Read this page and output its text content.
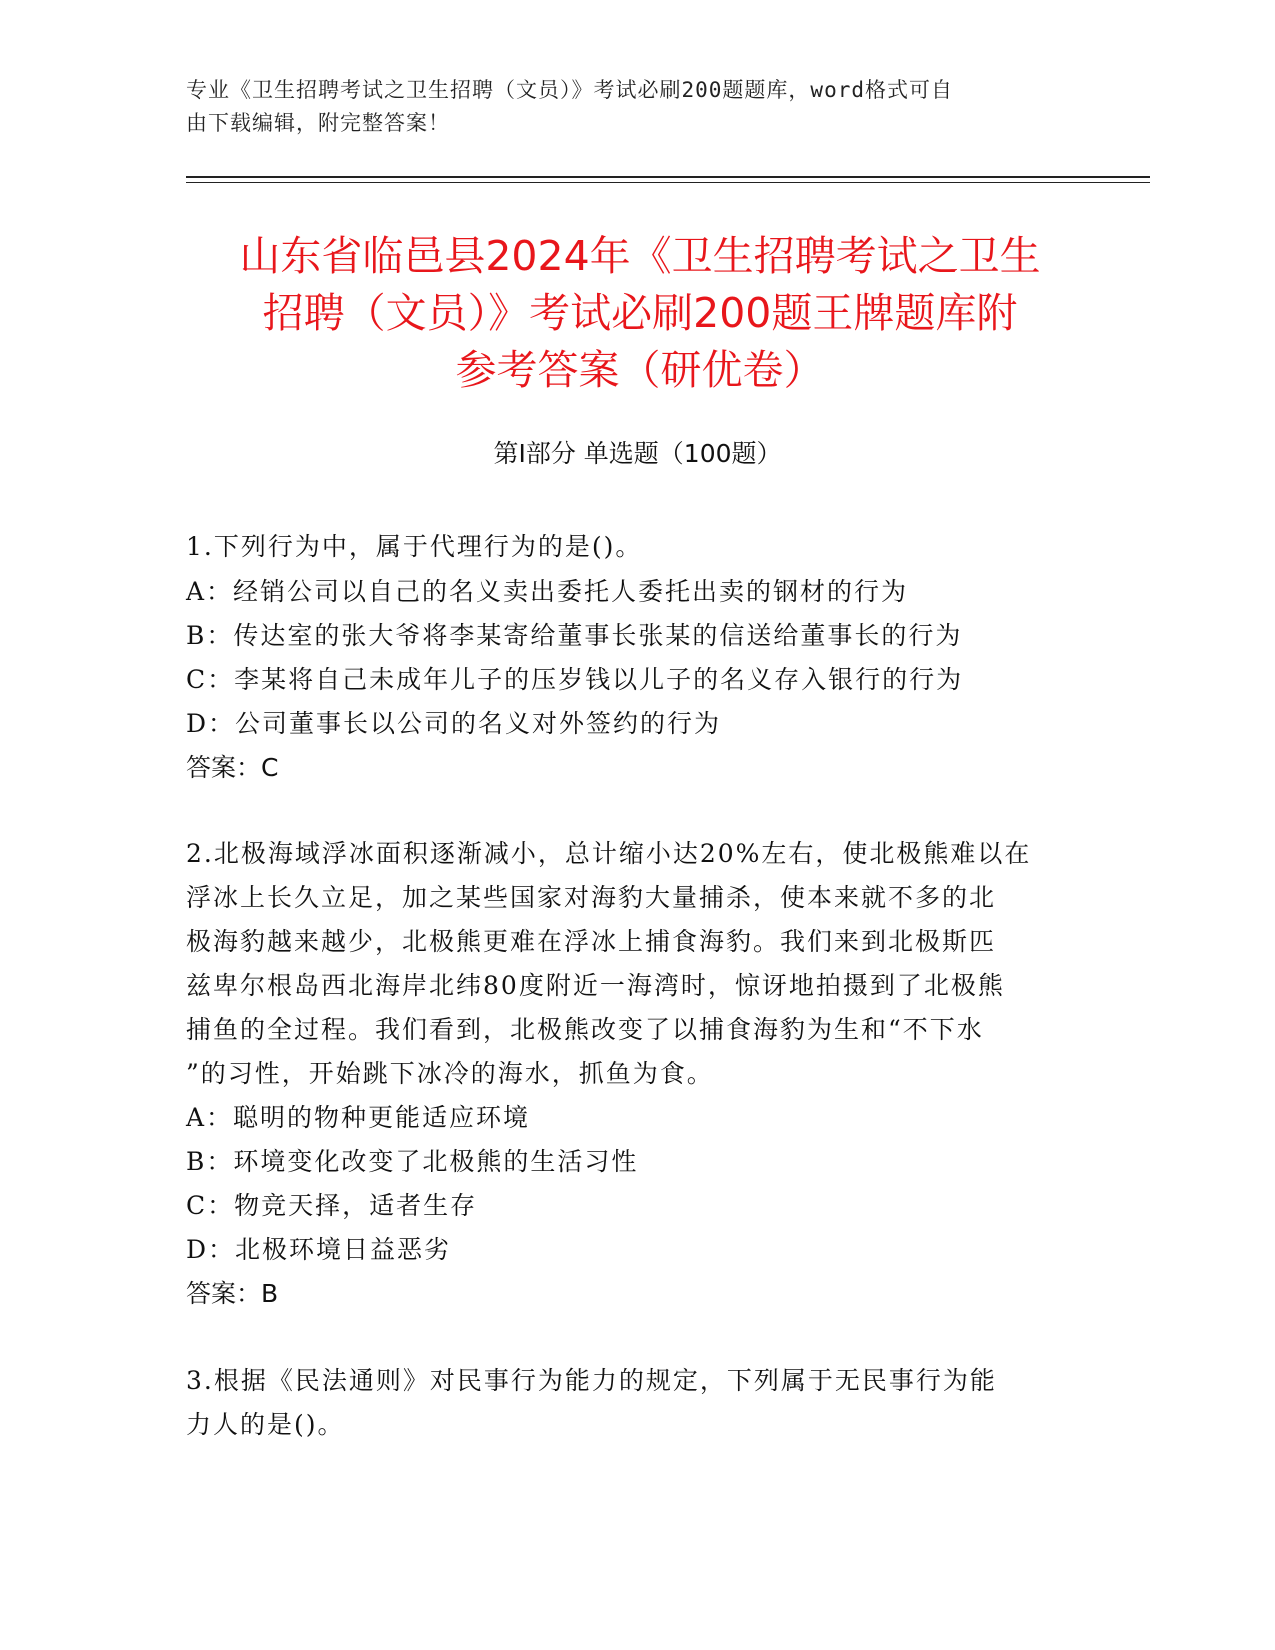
专业《卫生招聘考试之卫生招聘（文员）》考试必刷200题题库，word格式可自
由下载编辑，附完整答案！
山东省临邑县2024年《卫生招聘考试之卫生
招聘（文员）》考试必刷200题王牌题库附
参考答案（研优卷）
第Ⅰ部分 单选题（100题）
1.下列行为中，属于代理行为的是()。
A：经销公司以自己的名义卖出委托人委托出卖的钢材的行为
B：传达室的张大爷将李某寄给董事长张某的信送给董事长的行为
C：李某将自己未成年儿子的压岁钱以儿子的名义存入银行的行为
D：公司董事长以公司的名义对外签约的行为
答案：C
2.北极海域浮冰面积逐渐减小，总计缩小达20%左右，使北极熊难以在
浮冰上长久立足，加之某些国家对海豹大量捕杀，使本来就不多的北
极海豹越来越少，北极熊更难在浮冰上捕食海豹。我们来到北极斯匹
兹卑尔根岛西北海岸北纬80度附近一海湾时，惊讶地拍摄到了北极熊
捕鱼的全过程。我们看到，北极熊改变了以捕食海豹为生和“不下水
”的习性，开始跳下冰冷的海水，抓鱼为食。
A：聪明的物种更能适应环境
B：环境变化改变了北极熊的生活习性
C：物竞天择，适者生存
D：北极环境日益恶劣
答案：B
3.根据《民法通则》对民事行为能力的规定，下列属于无民事行为能
力人的是()。
